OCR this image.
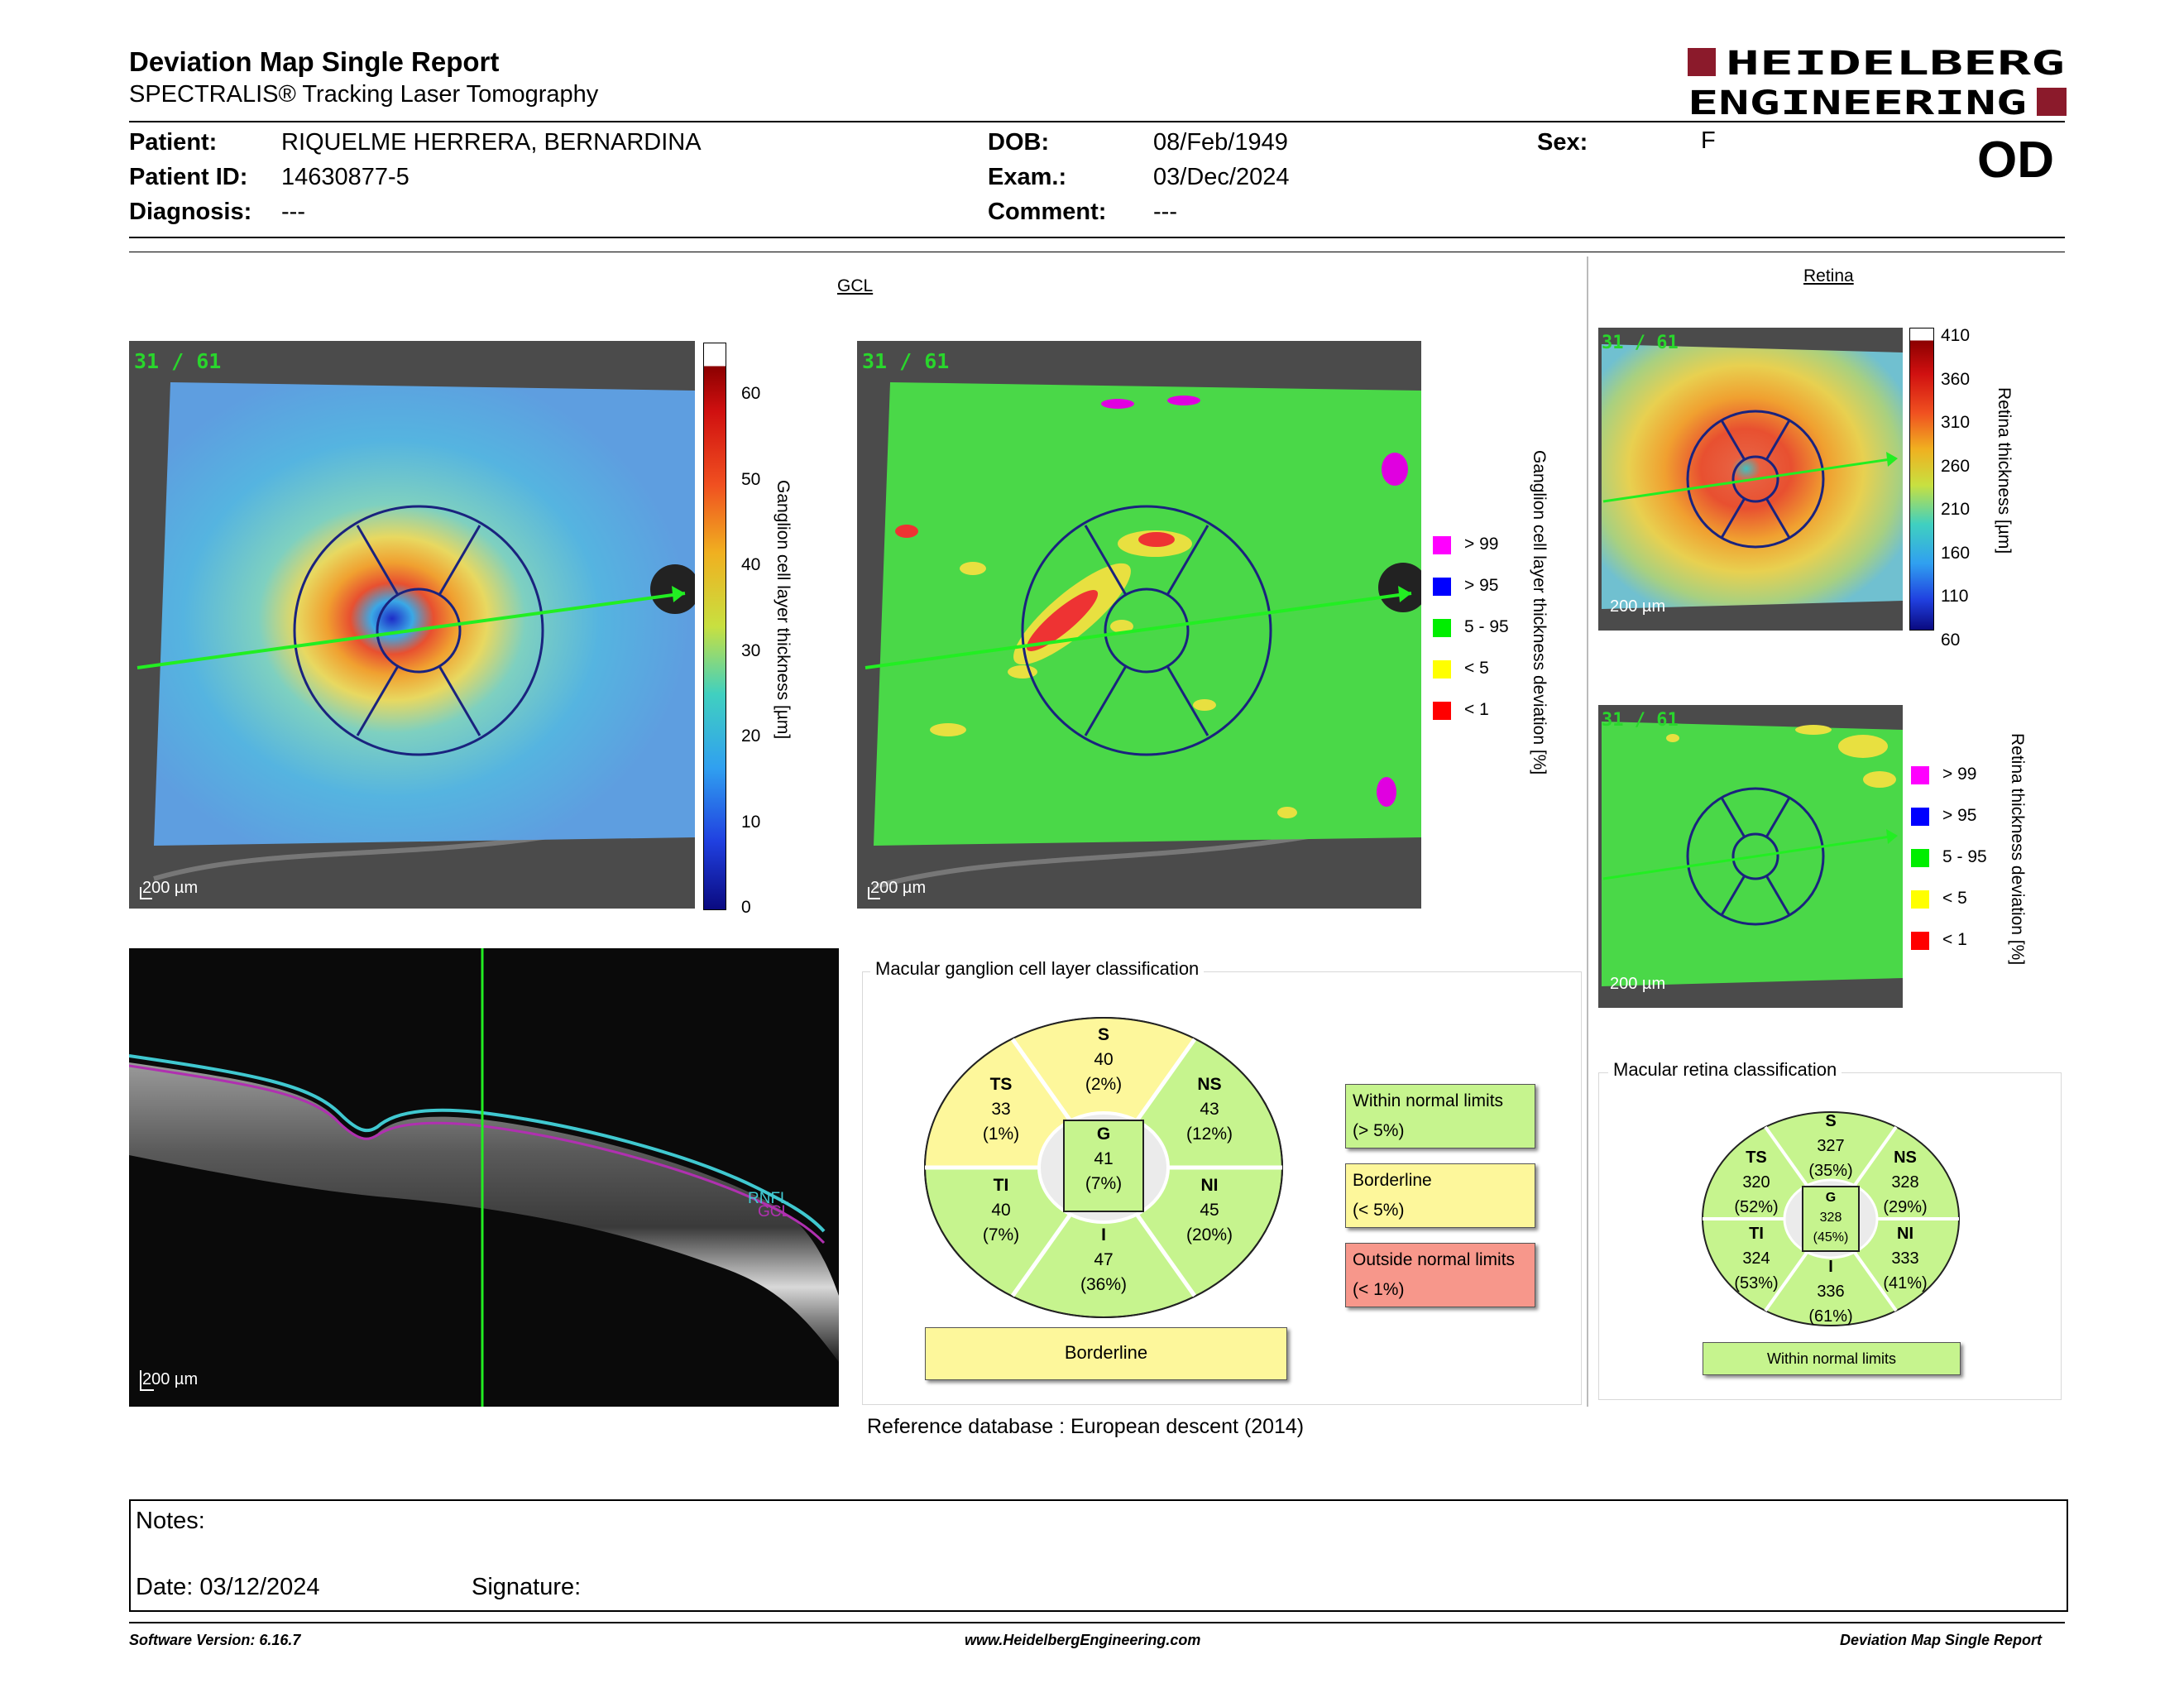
Deviation Map Single Report
SPECTRALIS® Tracking Laser Tomography
HEIDELBERG
ENGINEERING
Patient:	RIQUELME HERRERA, BERNARDINA
Patient ID: 14630877-5
Diagnosis: ---
DOB:	08/Feb/1949
Exam.:	03/Dec/2024
Comment: ---
Sex:	F	OD
GCL
31 / 61
200 µm
60
50
40
30
20
10
0
Ganglion cell layer thickness [µm]
31 / 61
200 µm
> 99
> 95
5 - 95
< 5
< 1 Ganglion cell layer thickness deviation [%]
RNFL
GCL
200 µm
Macular ganglion cell layer classification
S
40
(2%)
TS
33
(1%)
NS
43
(12%)
G
41
(7%)
TI
40
(7%)
NI
45
(20%)
I
47
(36%)
Borderline
Within normal limits
(> 5%)
Borderline
(< 5%)
Outside normal limits
(< 1%)
Reference database : European descent (2014)
Retina
31 / 61
200 µm
410
360
310
260
210
160
110
60
Retina thickness [µm]
31 / 61
200 µm
> 99
> 95
5 - 95
< 5
< 1 Retina thickness deviation [%]
Macular retina classification
S
327
(35%)
TS
320
(52%)
NS
328
(29%)
G
328
(45%)
TI
324
(53%)
NI
333
(41%)
I
336
(61%)
Within normal limits
Notes:
Date: 03/12/2024	Signature:
Software Version: 6.16.7	www.HeidelbergEngineering.com	Deviation Map Single Report
